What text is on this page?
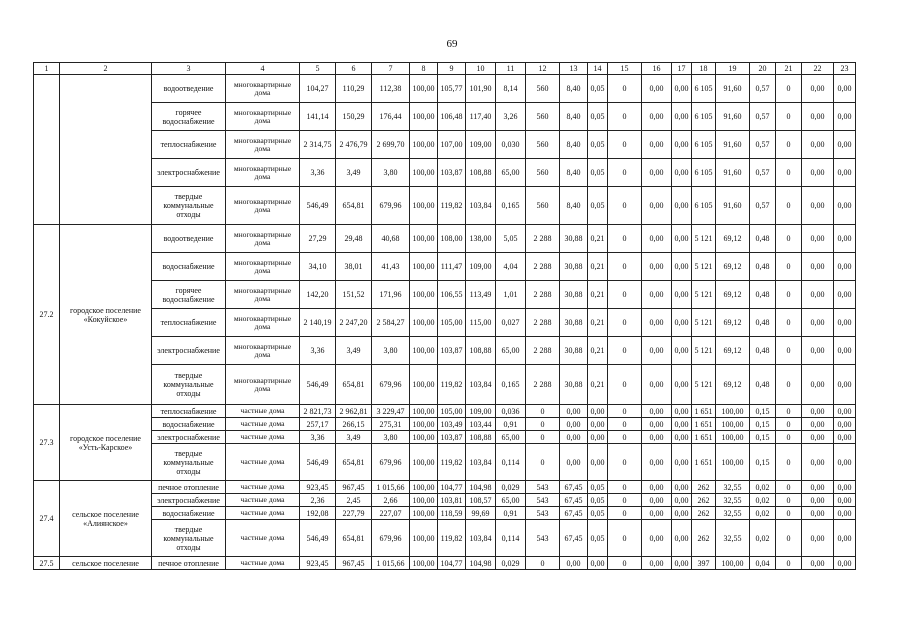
69
1	2	3	4	5	6	7	8	9	10	11	12	13	14	15	16	17	18	19	20	21	22	23
		водоотведение	многоквартирные дома	104,27	110,29	112,38	100,00	105,77	101,90	8,14	560	8,40	0,05	0	0,00	0,00	6 105	91,60	0,57	0	0,00	0,00
		горячее водоснабжение	многоквартирные дома	141,14	150,29	176,44	100,00	106,48	117,40	3,26	560	8,40	0,05	0	0,00	0,00	6 105	91,60	0,57	0	0,00	0,00
		теплоснабжение	многоквартирные дома	2 314,75	2 476,79	2 699,70	100,00	107,00	109,00	0,030	560	8,40	0,05	0	0,00	0,00	6 105	91,60	0,57	0	0,00	0,00
		электроснабжение	многоквартирные дома	3,36	3,49	3,80	100,00	103,87	108,88	65,00	560	8,40	0,05	0	0,00	0,00	6 105	91,60	0,57	0	0,00	0,00
		твердые коммунальные отходы	многоквартирные дома	546,49	654,81	679,96	100,00	119,82	103,84	0,165	560	8,40	0,05	0	0,00	0,00	6 105	91,60	0,57	0	0,00	0,00
27.2	городское поселение «Кокуйское»	водоотведение	многоквартирные дома	27,29	29,48	40,68	100,00	108,00	138,00	5,05	2 288	30,88	0,21	0	0,00	0,00	5 121	69,12	0,48	0	0,00	0,00
		водоснабжение	многоквартирные дома	34,10	38,01	41,43	100,00	111,47	109,00	4,04	2 288	30,88	0,21	0	0,00	0,00	5 121	69,12	0,48	0	0,00	0,00
		горячее водоснабжение	многоквартирные дома	142,20	151,52	171,96	100,00	106,55	113,49	1,01	2 288	30,88	0,21	0	0,00	0,00	5 121	69,12	0,48	0	0,00	0,00
		теплоснабжение	многоквартирные дома	2 140,19	2 247,20	2 584,27	100,00	105,00	115,00	0,027	2 288	30,88	0,21	0	0,00	0,00	5 121	69,12	0,48	0	0,00	0,00
		электроснабжение	многоквартирные дома	3,36	3,49	3,80	100,00	103,87	108,88	65,00	2 288	30,88	0,21	0	0,00	0,00	5 121	69,12	0,48	0	0,00	0,00
		твердые коммунальные отходы	многоквартирные дома	546,49	654,81	679,96	100,00	119,82	103,84	0,165	2 288	30,88	0,21	0	0,00	0,00	5 121	69,12	0,48	0	0,00	0,00
27.3	городское поселение «Усть-Карское»	теплоснабжение	частные дома	2 821,73	2 962,81	3 229,47	100,00	105,00	109,00	0,036	0	0,00	0,00	0	0,00	0,00	1 651	100,00	0,15	0	0,00	0,00
		водоснабжение	частные дома	257,17	266,15	275,31	100,00	103,49	103,44	0,91	0	0,00	0,00	0	0,00	0,00	1 651	100,00	0,15	0	0,00	0,00
		электроснабжение	частные дома	3,36	3,49	3,80	100,00	103,87	108,88	65,00	0	0,00	0,00	0	0,00	0,00	1 651	100,00	0,15	0	0,00	0,00
		твердые коммунальные отходы	частные дома	546,49	654,81	679,96	100,00	119,82	103,84	0,114	0	0,00	0,00	0	0,00	0,00	1 651	100,00	0,15	0	0,00	0,00
27.4	сельское поселение «Алиянское»	печное отопление	частные дома	923,45	967,45	1 015,66	100,00	104,77	104,98	0,029	543	67,45	0,05	0	0,00	0,00	262	32,55	0,02	0	0,00	0,00
		электроснабжение	частные дома	2,36	2,45	2,66	100,00	103,81	108,57	65,00	543	67,45	0,05	0	0,00	0,00	262	32,55	0,02	0	0,00	0,00
		водоснабжение	частные дома	192,08	227,79	227,07	100,00	118,59	99,69	0,91	543	67,45	0,05	0	0,00	0,00	262	32,55	0,02	0	0,00	0,00
		твердые коммунальные отходы	частные дома	546,49	654,81	679,96	100,00	119,82	103,84	0,114	543	67,45	0,05	0	0,00	0,00	262	32,55	0,02	0	0,00	0,00
27.5	сельское поселение	печное отопление	частные дома	923,45	967,45	1 015,66	100,00	104,77	104,98	0,029	0	0,00	0,00	0	0,00	0,00	397	100,00	0,04	0	0,00	0,00
